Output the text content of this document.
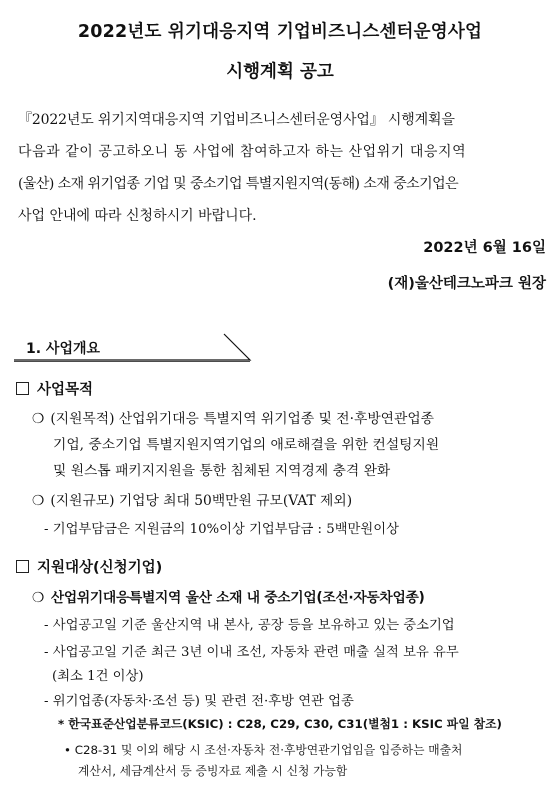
2022년도 위기대응지역 기업비즈니스센터운영사업
시행계획 공고

『2022년도 위기지역대응지역 기업비즈니스센터운영사업』 시행계획을

다음과 같이 공고하오니 동 사업에 참여하고자 하는 산업위기 대응지역

(울산) 소재 위기업종 기업 및 중소기업 특별지원지역(동해) 소재 중소기업은

사업 안내에 따라 신청하시기 바랍니다.

2022년 6월 16일
(재)울산테크노파크 원장
1. 사업개요
사업목적
❍ (지원목적) 산업위기대응 특별지역 위기업종 및 전·후방연관업종
기업, 중소기업 특별지원지역기업의 애로해결을 위한 컨설팅지원
및 원스톱 패키지지원을 통한 침체된 지역경제 충격 완화
❍ (지원규모) 기업당 최대 50백만원 규모(VAT 제외)
- 기업부담금은 지원금의 10%이상 기업부담금 : 5백만원이상
지원대상(신청기업)
❍ 산업위기대응특별지역 울산 소재 내 중소기업(조선·자동차업종)
- 사업공고일 기준 울산지역 내 본사, 공장 등을 보유하고 있는 중소기업
- 사업공고일 기준 최근 3년 이내 조선, 자동차 관련 매출 실적 보유 유무
(최소 1건 이상)
- 위기업종(자동차·조선 등) 및 관련 전·후방 연관 업종
* 한국표준산업분류코드(KSIC) : C28, C29, C30, C31(별첨1 : KSIC 파일 참조)
• C28-31 및 이외 해당 시 조선·자동차 전·후방연관기업임을 입증하는 매출처
계산서, 세금계산서 등 증빙자료 제출 시 신청 가능함
